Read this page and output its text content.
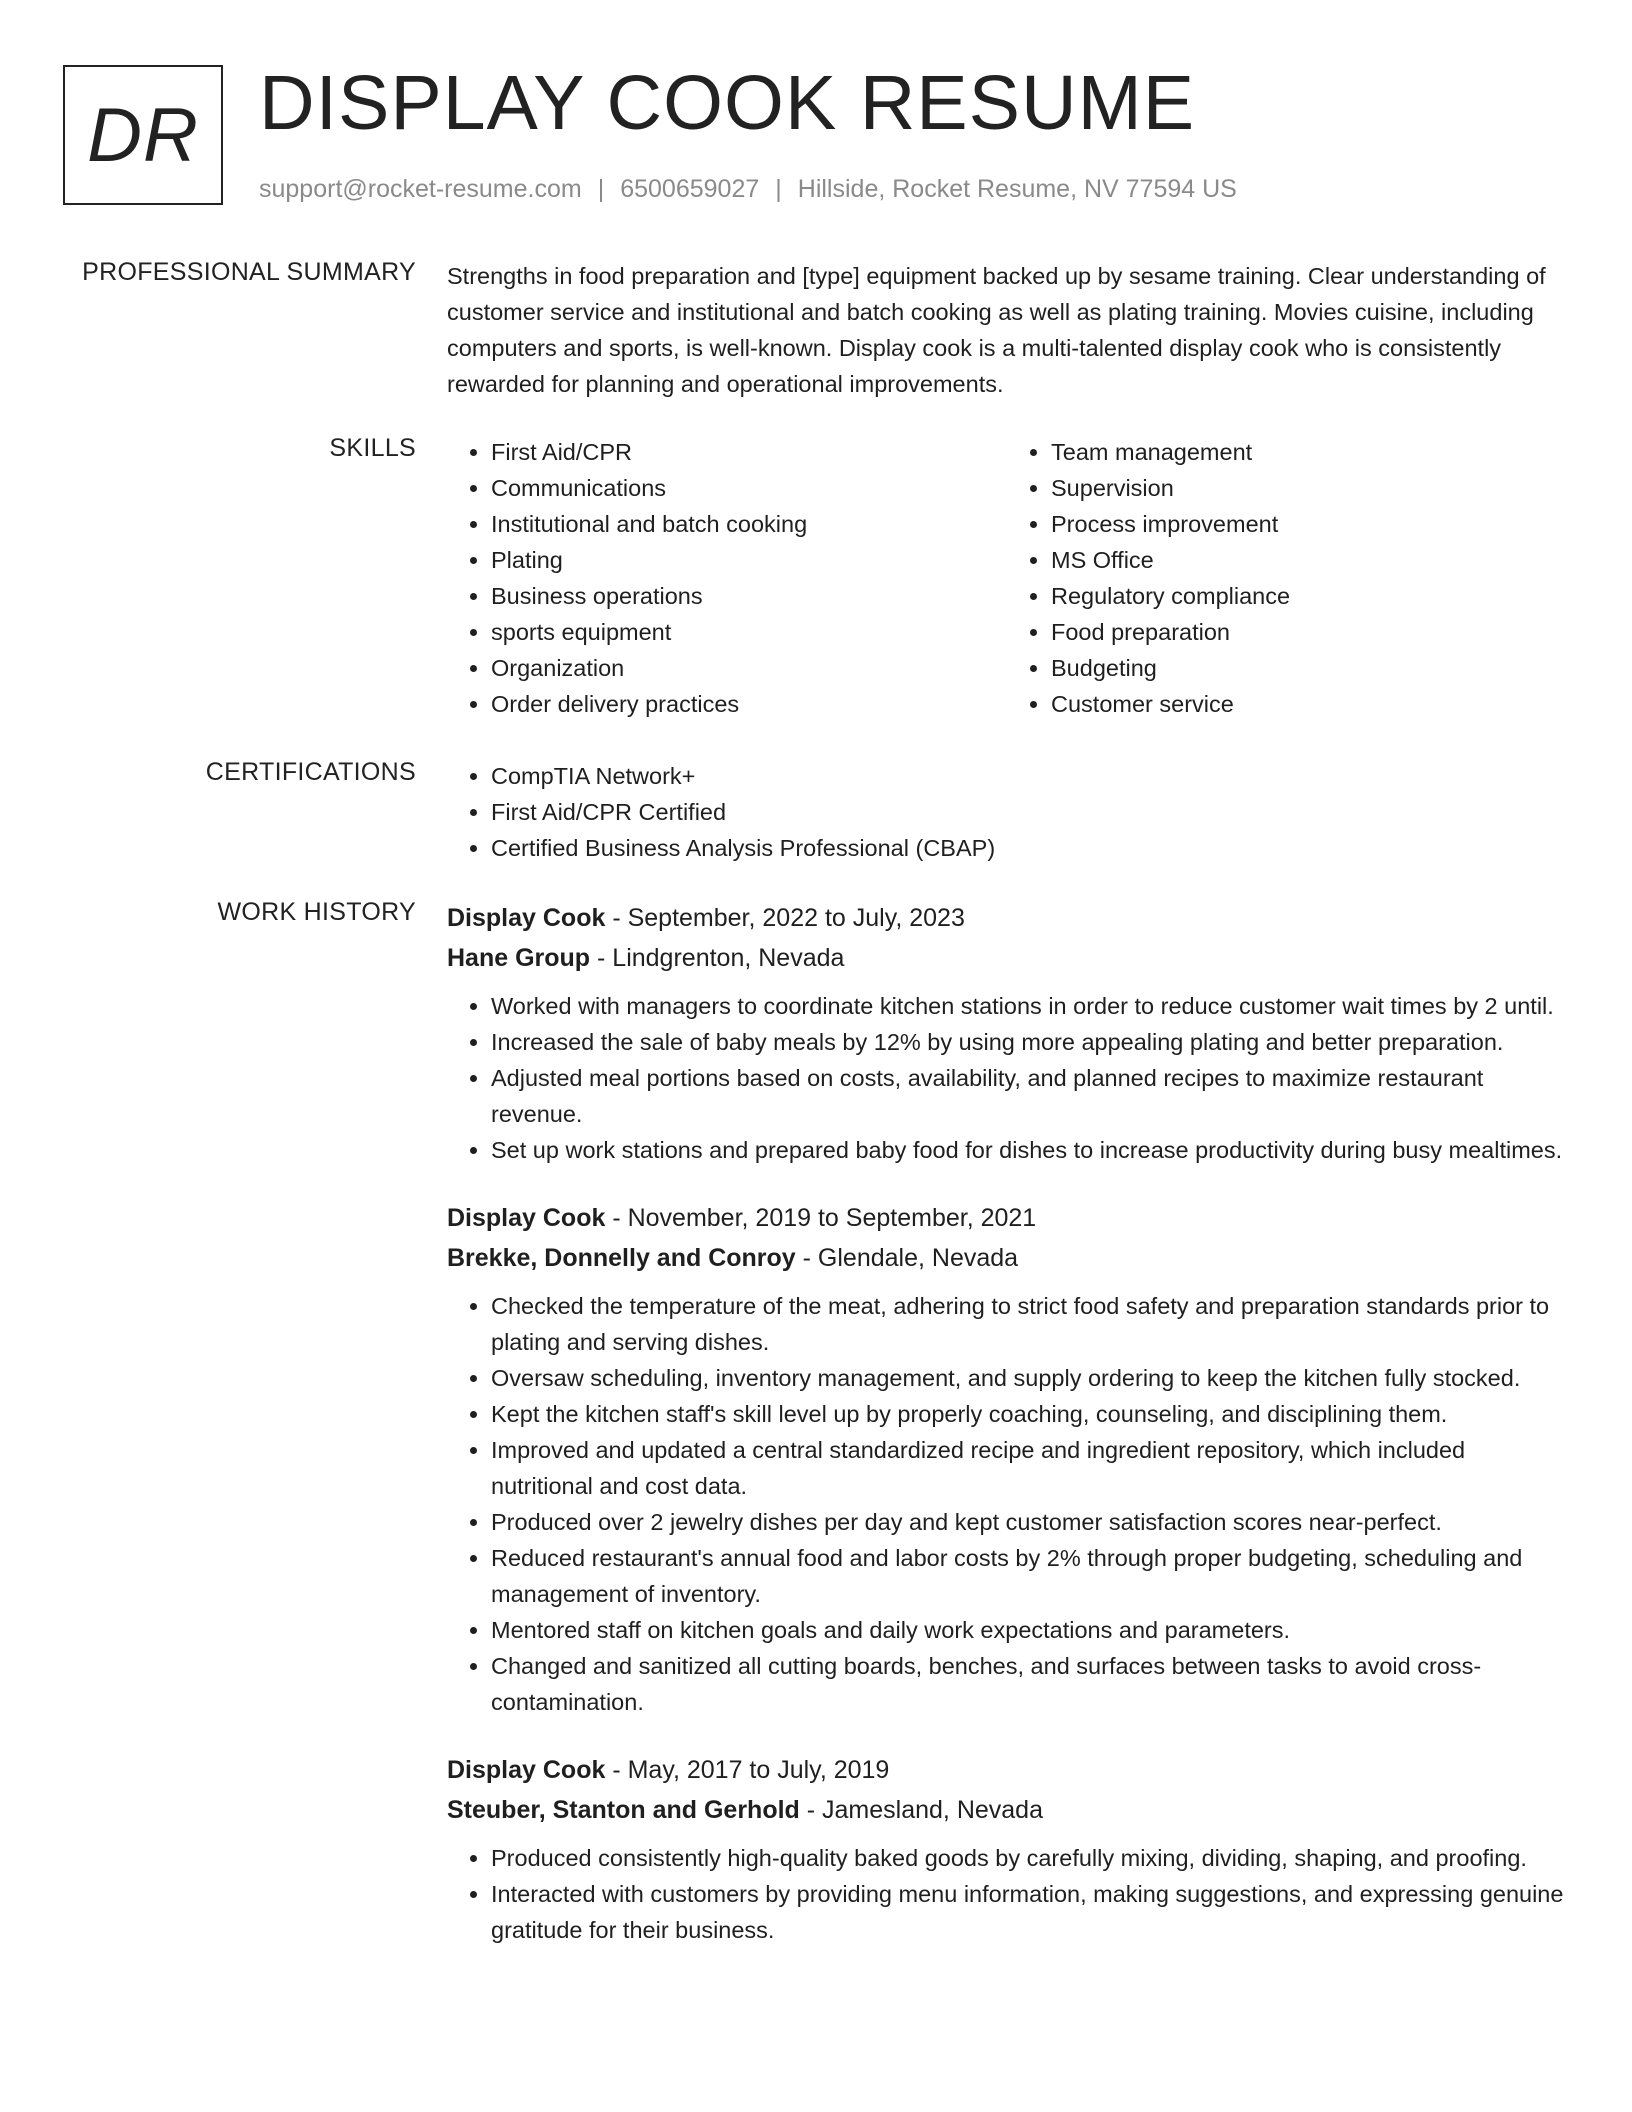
DR DISPLAY COOK RESUME
support@rocket-resume.com | 6500659027 | Hillside, Rocket Resume, NV 77594 US
PROFESSIONAL SUMMARY Strengths in food preparation and [type] equipment backed up by sesame training. Clear understanding of customer service and institutional and batch cooking as well as plating training. Movies cuisine, including computers and sports, is well-known. Display cook is a multi-talented display cook who is consistently rewarded for planning and operational improvements.

SKILLS	• First Aid/CPR
• Communications
• Institutional and batch cooking
• Plating
• Business operations
• sports equipment
• Organization
• Order delivery practices
• Team management
• Supervision
• Process improvement
• MS Office
• Regulatory compliance
• Food preparation
• Budgeting
• Customer service
CERTIFICATIONS	• CompTIA Network+
• First Aid/CPR Certified
• Certified Business Analysis Professional (CBAP)
WORK HISTORY Display Cook - September, 2022 to July, 2023
Hane Group - Lindgrenton, Nevada
• Worked with managers to coordinate kitchen stations in order to reduce customer wait times by 2 until.
• Increased the sale of baby meals by 12% by using more appealing plating and better preparation.
• Adjusted meal portions based on costs, availability, and planned recipes to maximize restaurant revenue.
• Set up work stations and prepared baby food for dishes to increase productivity during busy mealtimes.
Display Cook - November, 2019 to September, 2021
Brekke, Donnelly and Conroy - Glendale, Nevada
• Checked the temperature of the meat, adhering to strict food safety and preparation standards prior to plating and serving dishes.
• Oversaw scheduling, inventory management, and supply ordering to keep the kitchen fully stocked.
• Kept the kitchen staff's skill level up by properly coaching, counseling, and disciplining them.
• Improved and updated a central standardized recipe and ingredient repository, which included nutritional and cost data.
• Produced over 2 jewelry dishes per day and kept customer satisfaction scores near-perfect.
• Reduced restaurant's annual food and labor costs by 2% through proper budgeting, scheduling and management of inventory.
• Mentored staff on kitchen goals and daily work expectations and parameters.
• Changed and sanitized all cutting boards, benches, and surfaces between tasks to avoid cross-contamination.
Display Cook - May, 2017 to July, 2019
Steuber, Stanton and Gerhold - Jamesland, Nevada
• Produced consistently high-quality baked goods by carefully mixing, dividing, shaping, and proofing.
• Interacted with customers by providing menu information, making suggestions, and expressing genuine gratitude for their business.
